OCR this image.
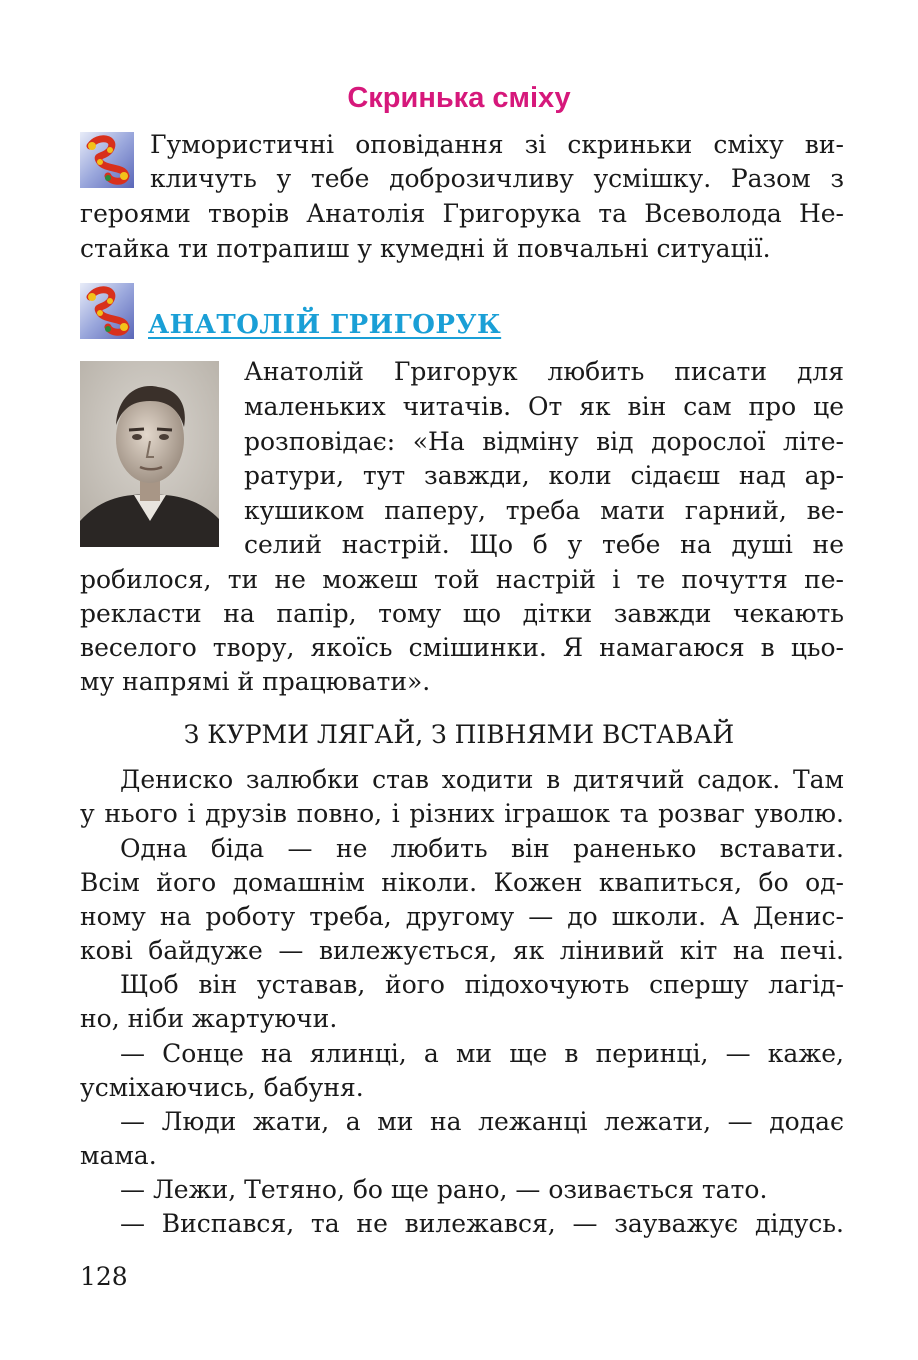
Скринька сміху
Гумористичні оповідання зі скриньки сміху ви-
кличуть у тебе доброзичливу усмішку. Разом з
героями творів Анатолія Григорука та Всеволода Не-
стайка ти потрапиш у кумедні й повчальні ситуації.
АНАТОЛІЙ ГРИГОРУК
Анатолій Григорук любить писати для
маленьких читачів. От як він сам про це
розповідає: «На відміну від дорослої літе-
ратури, тут завжди, коли сідаєш над ар-
кушиком паперу, треба мати гарний, ве-
селий настрій. Що б у тебе на душі не
робилося, ти не можеш той настрій і те почуття пе-
рекласти на папір, тому що дітки завжди чекають
веселого твору, якоїсь смішинки. Я намагаюся в цьо-
му напрямі й працювати».
З КУРМИ ЛЯГАЙ, З ПІВНЯМИ ВСТАВАЙ
Дениско залюбки став ходити в дитячий садок. Там
у нього і друзів повно, і різних іграшок та розваг уволю.
Одна біда — не любить він раненько вставати.
Всім його домашнім ніколи. Кожен квапиться, бо од-
ному на роботу треба, другому — до школи. А Денис-
кові байдуже — вилежується, як лінивий кіт на печі.
Щоб він уставав, його підохочують спершу лагід-
но, ніби жартуючи.
— Сонце на ялинці, а ми ще в перинці, — каже,
усміхаючись, бабуня.
— Люди жати, а ми на лежанці лежати, — додає
мама.
— Лежи, Тетяно, бо ще рано, — озивається тато.
— Виспався, та не вилежався, — зауважує дідусь.
128
